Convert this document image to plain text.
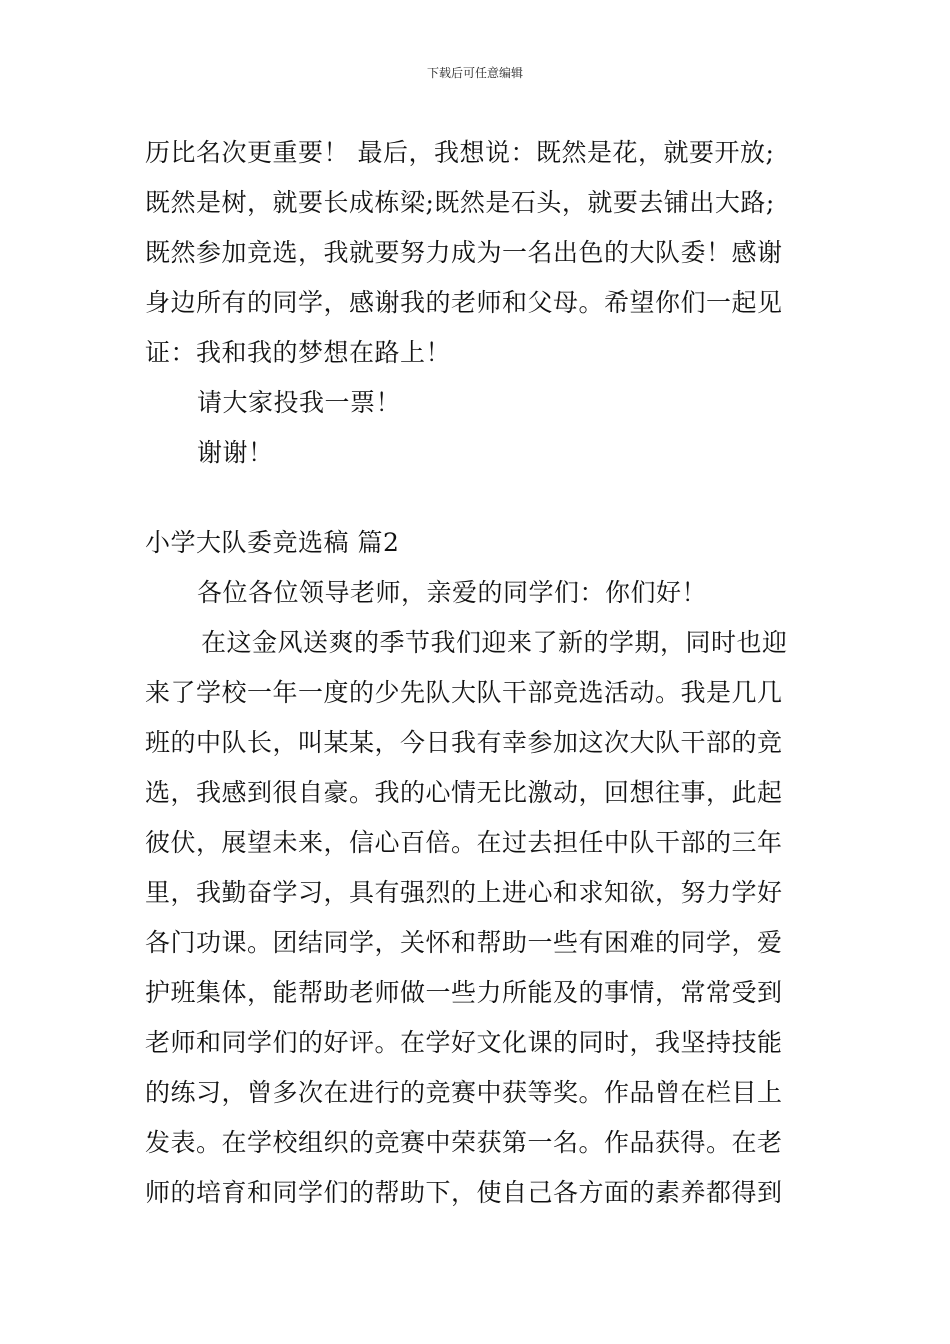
下载后可任意编辑
历比名次更重要！ 最后，我想说：既然是花，就要开放;
既然是树，就要长成栋梁;既然是石头，就要去铺出大路;
既然参加竞选，我就要努力成为一名出色的大队委！感谢
身边所有的同学，感谢我的老师和父母。希望你们一起见
证：我和我的梦想在路上！
请大家投我一票！
谢谢！
小学大队委竞选稿 篇2
各位各位领导老师，亲爱的同学们：你们好！
在这金风送爽的季节我们迎来了新的学期，同时也迎
来了学校一年一度的少先队大队干部竞选活动。我是几几
班的中队长，叫某某，今日我有幸参加这次大队干部的竞
选，我感到很自豪。我的心情无比激动，回想往事，此起
彼伏，展望未来，信心百倍。在过去担任中队干部的三年
里，我勤奋学习，具有强烈的上进心和求知欲，努力学好
各门功课。团结同学，关怀和帮助一些有困难的同学，爱
护班集体，能帮助老师做一些力所能及的事情，常常受到
老师和同学们的好评。在学好文化课的同时，我坚持技能
的练习，曾多次在进行的竞赛中获等奖。作品曾在栏目上
发表。在学校组织的竞赛中荣获第一名。作品获得。在老
师的培育和同学们的帮助下，使自己各方面的素养都得到
